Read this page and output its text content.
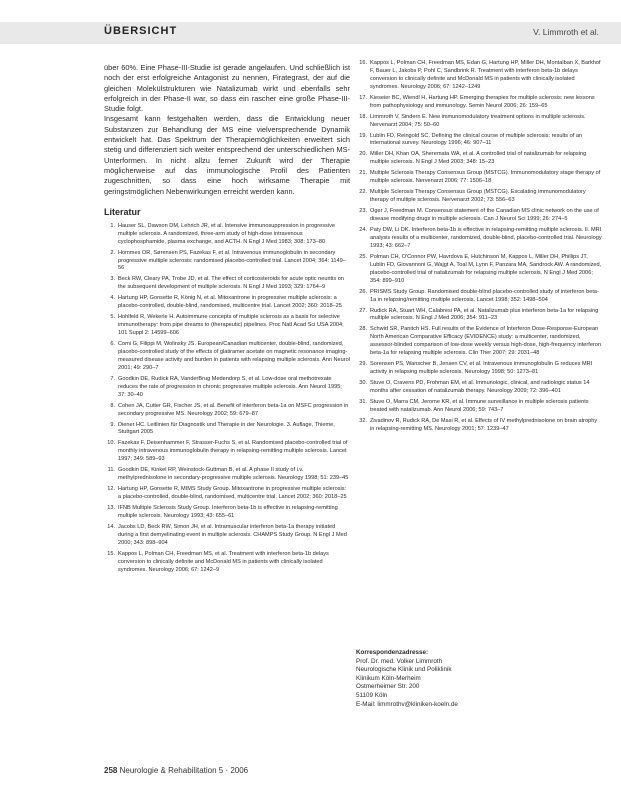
ÜBERSICHT	V. Limmroth et al.

über 60%. Eine Phase-III-Studie ist gerade angelaufen. Und schließlich ist noch der erst erfolgreiche Antagonist zu nennen, Firategrast, der auf die gleichen Molekülstrukturen wie Natalizumab wirkt und ebenfalls sehr erfolgreich in der Phase-II war, so dass ein rascher eine große Phase-III-Studie folgt.

Insgesamt kann festgehalten werden, dass die Entwicklung neuer Substanzen zur Behandlung der MS eine vielversprechende Dynamik entwickelt hat. Das Spektrum der Therapiemöglichkeiten erweitert sich stetig und differenziert sich weiter entsprechend der unterschiedlichen MS-Unterformen. In nicht allzu ferner Zukunft wird der Therapie möglicherweise auf das immunologische Profil des Patienten zugeschnitten, so dass eine hoch wirksame Therapie mit geringstmöglichen Nebenwirkungen erreicht werden kann.

Literatur
1. Hauser SL, Dawson DM, Lehrich JR, et al. Intensive immunosuppression in progressive multiple sclerosis. A randomized, three-arm study of high-dose intravenous cyclophosphamide, plasma exchange, and ACTH. N Engl J Med 1983; 308: 173–80
2. Hommes OR, Sørensen PS, Fazekas F, et al. Intravenous immunoglobulin in secondary progressive multiple sclerosis: randomised placebo-controlled trial. Lancet 2004; 364: 1149–56
3. Beck RW, Cleary PA, Trobe JD, et al. The effect of corticosteroids for acute optic neuritis on the subsequent development of multiple sclerosis. N Engl J Med 1993; 329: 1764–9
4. Hartung HP, Gonsette R, König N, et al. Mitoxantrone in progressive multiple sclerosis: a placebo-controlled, double-blind, randomised, multicentre trial. Lancet 2002; 360: 2018–25
5. Hohlfeld R, Wekerle H. Autoimmune concepts of multiple sclerosis as a basis for selective immunotherapy: from pipe dreams to (therapeutic) pipelines. Proc Natl Acad Sci USA 2004; 101 Suppl 2: 14599–606
6. Comi G, Filippi M, Wolinsky JS. European/Canadian multicenter, double-blind, randomized, placebo-controlled study of the effects of glatiramer acetate on magnetic resonance imaging-measured disease activity and burden in patients with relapsing multiple sclerosis. Ann Neurol 2001; 49: 290–7
7. Goodkin DE, Rudick RA, VanderBrug Medendorp S, et al. Low-dose oral methotrexate reduces the rate of progression in chronic progressive multiple sclerosis. Ann Neurol 1995; 37: 30–40
8. Cohen JA, Cutter GR, Fischer JS, et al. Benefit of interferon beta-1a on MSFC progression in secondary progressive MS. Neurology 2002; 59: 679–87
9. Diener HC. Leitlinien für Diagnostik und Therapie in der Neurologie. 3. Auflage, Thieme, Stuttgart 2005
10. Fazekas F, Deisenhammer F, Strasser-Fuchs S, et al. Randomised placebo-controlled trial of monthly intravenous immunoglobulin therapy in relapsing-remitting multiple sclerosis. Lancet 1997; 349: 589–93
11. Goodkin DE, Kinkel RP, Weinstock-Guttman B, et al. A phase II study of i.v. methylprednisolone in secondary-progressive multiple sclerosis. Neurology 1998; 51: 239–45
12. Hartung HP, Gonsette R, MIMS Study Group. Mitoxantrone in progressive multiple sclerosis: a placebo-controlled, double-blind, randomised, multicentre trial. Lancet 2002; 360: 2018–25
13. IFNB Multiple Sclerosis Study Group. Interferon beta-1b is effective in relapsing-remitting multiple sclerosis. Neurology 1993; 43: 655–61
14. Jacobs LD, Beck RW, Simon JH, et al. Intramuscular interferon beta-1a therapy initiated during a first demyelinating event in multiple sclerosis. CHAMPS Study Group. N Engl J Med 2000; 343: 898–904
15. Kappos L, Polman CH, Freedman MS, et al. Treatment with interferon beta-1b delays conversion to clinically definite and McDonald MS in patients with clinically isolated syndromes. Neurology 2006; 67: 1242–9
16. Kappos L, Polman CH, Freedman MS, Edan G, Hartung HP, Miller DH, Montalban X, Barkhof F, Bauer L, Jakobs P, Pohl C, Sandbrink R. Treatment with interferon beta-1b delays conversion to clinically definite and McDonald MS in patients with clinically isolated syndromes. Neurology 2006; 67: 1242–1249
17. Kieseier BC, Wiendl H, Hartung HP. Emerging therapies for multiple sclerosis: new lessons from pathophysiology and immunology. Semin Neurol 2006; 26: 159–65
18. Limmroth V, Sindern E. New immunomodulatory treatment options in multiple sclerosis. Nervenarzt 2004; 75: 50–60
19. Lublin FD, Reingold SC. Defining the clinical course of multiple sclerosis: results of an international survey. Neurology 1996; 46: 907–11
20. Miller DH, Khan OA, Sheremata WA, et al. A controlled trial of natalizumab for relapsing multiple sclerosis. N Engl J Med 2003; 348: 15–23
21. Multiple Sclerosis Therapy Consensus Group (MSTCG). Immunomodulatory stage therapy of multiple sclerosis. Nervenarzt 2006; 77: 1506–18
22. Multiple Sclerosis Therapy Consensus Group (MSTCG). Escalating immunomodulatory therapy of multiple sclerosis. Nervenarzt 2002; 73: 556–63
23. Oger J, Freedman M. Consensus statement of the Canadian MS clinic network on the use of disease modifying drugs in multiple sclerosis. Can J Neurol Sci 1999; 26: 274–5
24. Paty DW, Li DK. Interferon beta-1b is effective in relapsing-remitting multiple sclerosis. II. MRI analysis results of a multicenter, randomized, double-blind, placebo-controlled trial. Neurology 1993; 43: 662–7
25. Polman CH, O'Connor PW, Havrdova E, Hutchinson M, Kappos L, Miller DH, Phillips JT, Lublin FD, Giovannoni G, Wajgt A, Toal M, Lynn F, Panzara MA, Sandrock AW. A randomized, placebo-controlled trial of natalizumab for relapsing multiple sclerosis. N Engl J Med 2006; 354: 899–910
26. PRISMS Study Group. Randomised double-blind placebo-controlled study of interferon beta-1a in relapsing/remitting multiple sclerosis. Lancet 1998; 352: 1498–504
27. Rudick RA, Stuart WH, Calabresi PA, et al. Natalizumab plus interferon beta-1a for relapsing multiple sclerosis. N Engl J Med 2006; 354: 911–23
28. Schwid SR, Panitch HS. Full results of the Evidence of Interferon Dose-Response-European North American Comparative Efficacy (EVIDENCE) study: a multicenter, randomized, assessor-blinded comparison of low-dose weekly versus high-dose, high-frequency interferon beta-1a for relapsing multiple sclerosis. Clin Ther 2007; 29: 2031–48
29. Sorensen PS, Wanscher B, Jensen CV, et al. Intravenous immunoglobulin G reduces MRI activity in relapsing multiple sclerosis. Neurology 1998; 50: 1273–81
30. Stuve O, Cravens PD, Frohman EM, et al. Immunologic, clinical, and radiologic status 14 months after cessation of natalizumab therapy. Neurology 2009; 72: 396–401
31. Stuve O, Marra CM, Jerome KR, et al. Immune surveillance in multiple sclerosis patients treated with natalizumab. Ann Neurol 2006; 59: 743–7
32. Zivadinov R, Rudick RA, De Masi R, et al. Effects of IV methylprednisolone on brain atrophy in relapsing-remitting MS. Neurology 2001; 57: 1239–47
Korrespondenzadresse:
Prof. Dr. med. Volker Limmroth
Neurologische Klinik und Poliklinik
Klinikum Köln-Merheim
Ostmerheimer Str. 200
51109 Köln
E-Mail: limmrothv@kliniken-koeln.de
258 Neurologie & Rehabilitation 5 · 2006
